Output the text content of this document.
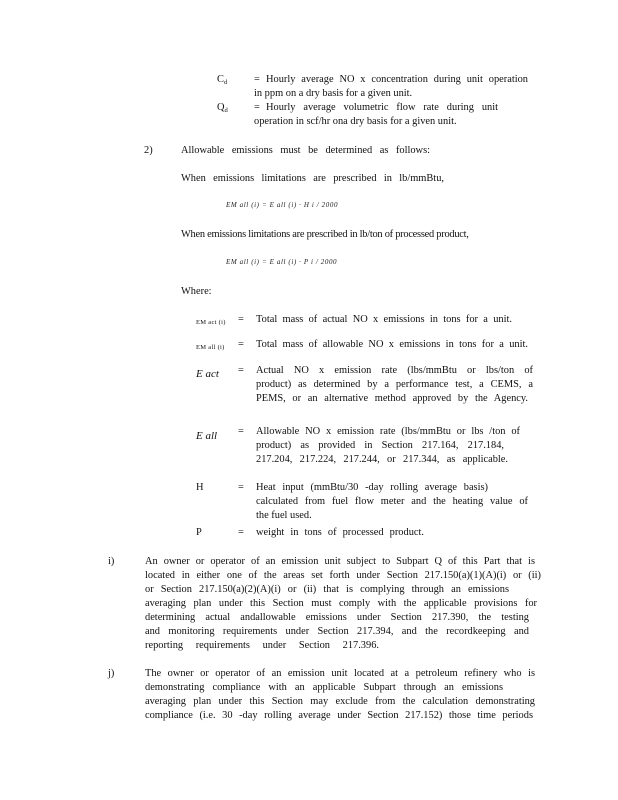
$C_d$	= Hourly average NO x concentration during unit operation
in ppm on a dry basis for a given unit.
$Q_d$	= Hourly average volumetric flow rate during unit
operation in scf/hr ona dry basis for a given unit.
2)	Allowable emissions must be determined as follows:
When emissions limitations are prescribed in lb/mmBtu,
EM all (i) = E all (i) · H i / 2000
When emissions limitations are prescribed in lb/ton of processed product,
EM all (i) = E all (i) · P i / 2000
Where:
EM act (i) = Total mass of actual NO x emissions in tons for a unit.
EM all (i) = Total mass of allowable NO x emissions in tons for a unit.
E act = Actual NO x emission rate (lbs/mmBtu or lbs/ton of
product) as determined by a performance test, a CEMS, a
PEMS, or an alternative method approved by the Agency.
E all = Allowable NO x emission rate (lbs/mmBtu or lbs /ton of
product) as provided in Section 217.164, 217.184,
217.204, 217.224, 217.244, or 217.344, as applicable.
H	= Heat input (mmBtu/30 -day rolling average basis)
calculated from fuel flow meter and the heating value of
the fuel used.
P	= weight in tons of processed product.
i)	An owner or operator of an emission unit subject to Subpart Q of this Part that is
located in either one of the areas set forth under Section 217.150(a)(1)(A)(i) or (ii)
or Section 217.150(a)(2)(A)(i) or (ii) that is complying through an emissions
averaging plan under this Section must comply with the applicable provisions for
determining actual andallowable emissions under Section 217.390, the testing
and monitoring requirements under Section 217.394, and the recordkeeping and
reporting requirements under Section 217.396.
j)	The owner or operator of an emission unit located at a petroleum refinery who is
demonstrating compliance with an applicable Subpart through an emissions
averaging plan under this Section may exclude from the calculation demonstrating
compliance (i.e. 30 -day rolling average under Section 217.152) those time periods
